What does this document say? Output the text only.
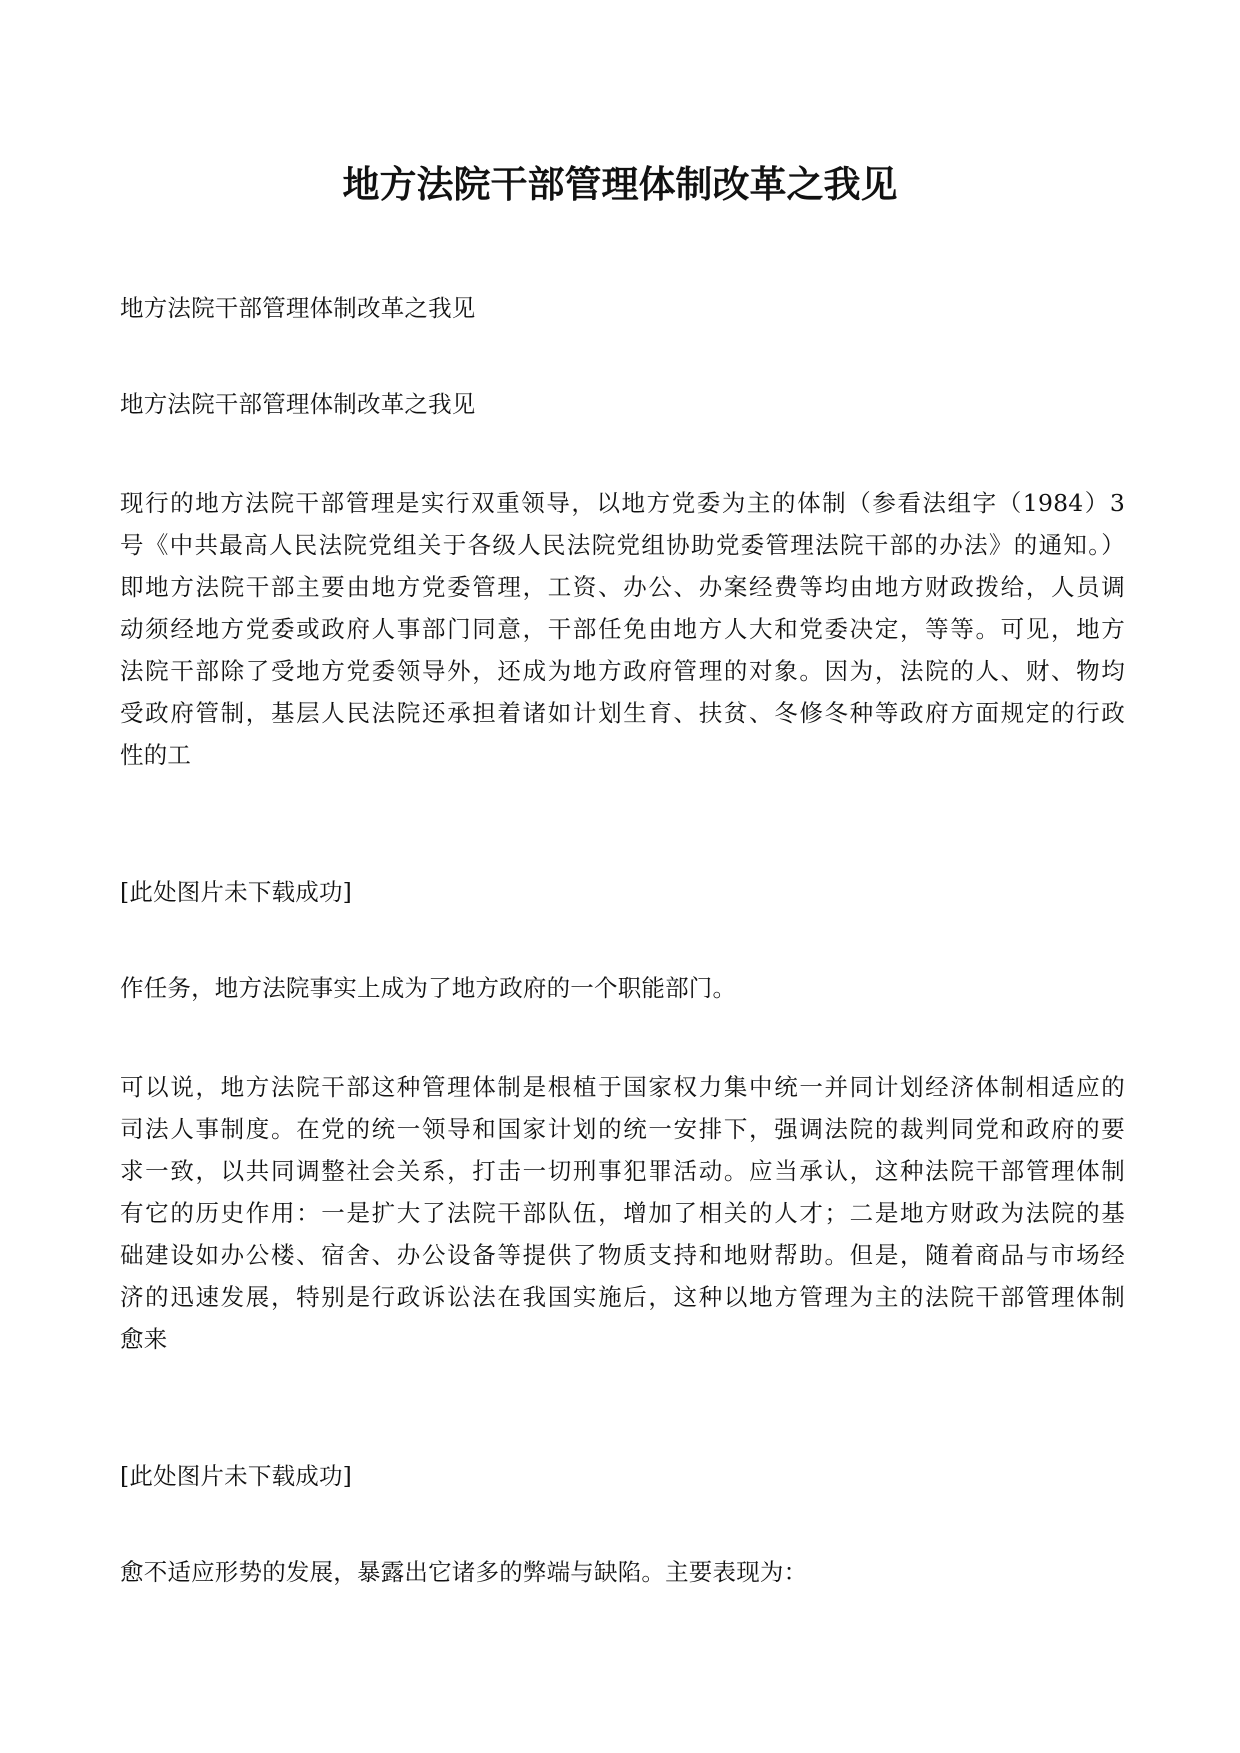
地方法院干部管理体制改革之我见

地方法院干部管理体制改革之我见

地方法院干部管理体制改革之我见

现行的地方法院干部管理是实行双重领导，以地方党委为主的体制（参看法组字（1984）3
号《中共最高人民法院党组关于各级人民法院党组协助党委管理法院干部的办法》的通知。）
即地方法院干部主要由地方党委管理，工资、办公、办案经费等均由地方财政拨给，人员调
动须经地方党委或政府人事部门同意，干部任免由地方人大和党委决定，等等。可见，地方
法院干部除了受地方党委领导外，还成为地方政府管理的对象。因为，法院的人、财、物均
受政府管制，基层人民法院还承担着诸如计划生育、扶贫、冬修冬种等政府方面规定的行政
性的工

[此处图片未下载成功]

作任务，地方法院事实上成为了地方政府的一个职能部门。

可以说，地方法院干部这种管理体制是根植于国家权力集中统一并同计划经济体制相适应的
司法人事制度。在党的统一领导和国家计划的统一安排下，强调法院的裁判同党和政府的要
求一致，以共同调整社会关系，打击一切刑事犯罪活动。应当承认，这种法院干部管理体制
有它的历史作用：一是扩大了法院干部队伍，增加了相关的人才；二是地方财政为法院的基
础建设如办公楼、宿舍、办公设备等提供了物质支持和地财帮助。但是，随着商品与市场经
济的迅速发展，特别是行政诉讼法在我国实施后，这种以地方管理为主的法院干部管理体制
愈来

[此处图片未下载成功]

愈不适应形势的发展，暴露出它诸多的弊端与缺陷。主要表现为：
